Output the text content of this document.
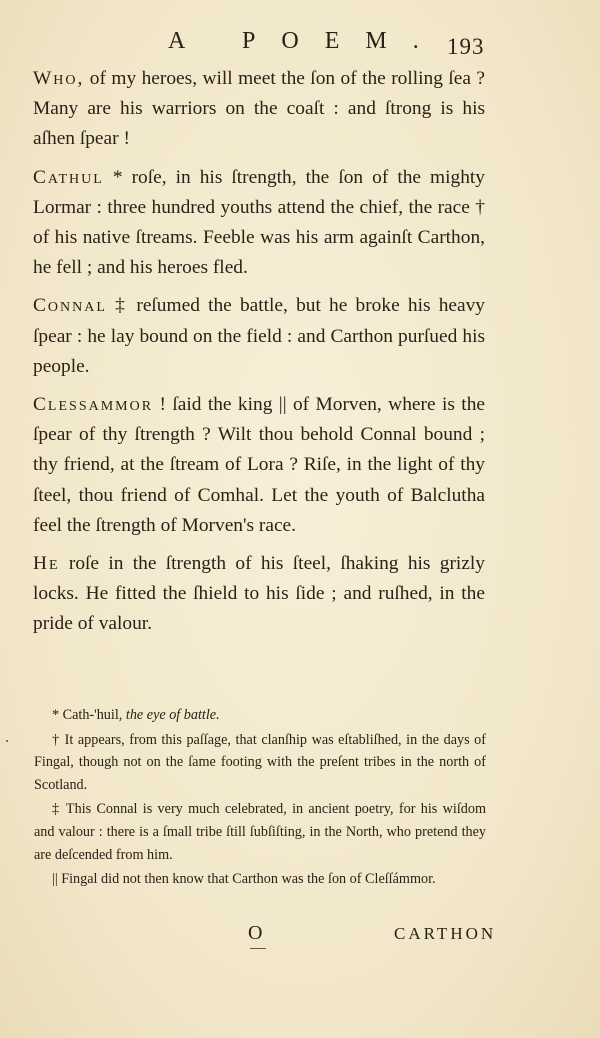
A POEM. 193

Who, of my heroes, will meet the ſon of the rolling ſea ? Many are his warriors on the coaſt : and ſtrong is his aſhen ſpear !

Cathul * roſe, in his ſtrength, the ſon of the mighty Lormar : three hundred youths attend the chief, the race † of his native ſtreams. Feeble was his arm againſt Carthon, he fell ; and his heroes fled.

Connal ‡ reſumed the battle, but he broke his heavy ſpear : he lay bound on the field : and Carthon purſued his people.

Clessammor ! ſaid the king || of Morven, where is the ſpear of thy ſtrength ? Wilt thou behold Connal bound ; thy friend, at the ſtream of Lora ? Riſe, in the light of thy ſteel, thou friend of Comhal. Let the youth of Balclutha feel the ſtrength of Morven's race.

He roſe in the ſtrength of his ſteel, ſhaking his grizly locks. He fitted the ſhield to his ſide ; and ruſhed, in the pride of valour.

* Cath-'huil, the eye of battle.

† It appears, from this paſſage, that clanſhip was eſtabliſhed, in the days of Fingal, though not on the ſame footing with the preſent tribes in the north of Scotland.

‡ This Connal is very much celebrated, in ancient poetry, for his wiſdom and valour : there is a ſmall tribe ſtill ſubſiſting, in the North, who pretend they are deſcended from him.

|| Fingal did not then know that Carthon was the ſon of Cleſſámmor.

O	CARTHON
